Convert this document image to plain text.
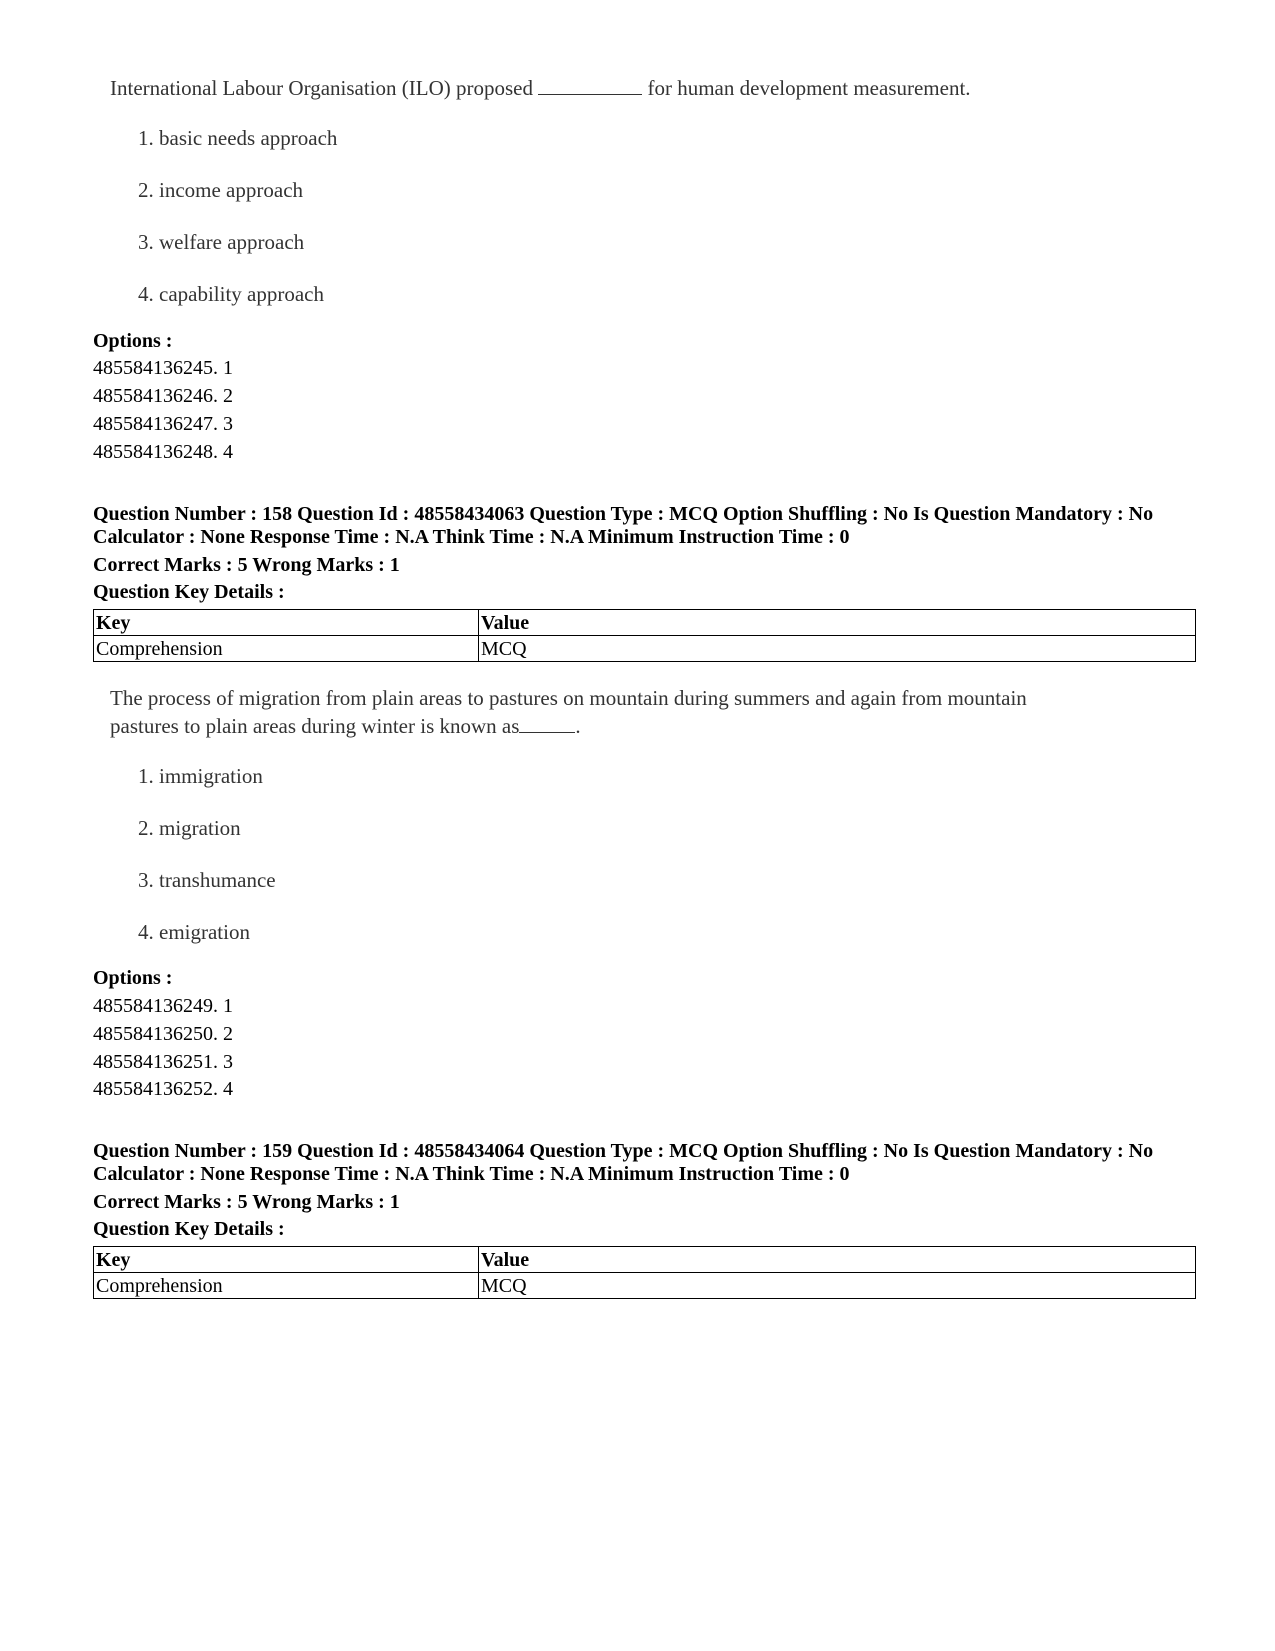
International Labour Organisation (ILO) proposed	for human development measurement.
1. basic needs approach
2. income approach
3. welfare approach
4. capability approach
Options :
485584136245. 1
485584136246. 2
485584136247. 3
485584136248. 4
Question Number : 158 Question Id : 48558434063 Question Type : MCQ Option Shuffling : No Is Question Mandatory : No Calculator : None Response Time : N.A Think Time : N.A Minimum Instruction Time : 0
Correct Marks : 5 Wrong Marks : 1
Question Key Details :
Key	Value
Comprehension	MCQ
The process of migration from plain areas to pastures on mountain during summers and again from mountain
pastures to plain areas during winter is known as	.
1. immigration
2. migration
3. transhumance
4. emigration
Options :
485584136249. 1
485584136250. 2
485584136251. 3
485584136252. 4
Question Number : 159 Question Id : 48558434064 Question Type : MCQ Option Shuffling : No Is Question Mandatory : No Calculator : None Response Time : N.A Think Time : N.A Minimum Instruction Time : 0
Correct Marks : 5 Wrong Marks : 1
Question Key Details :
Key	Value
Comprehension	MCQ
